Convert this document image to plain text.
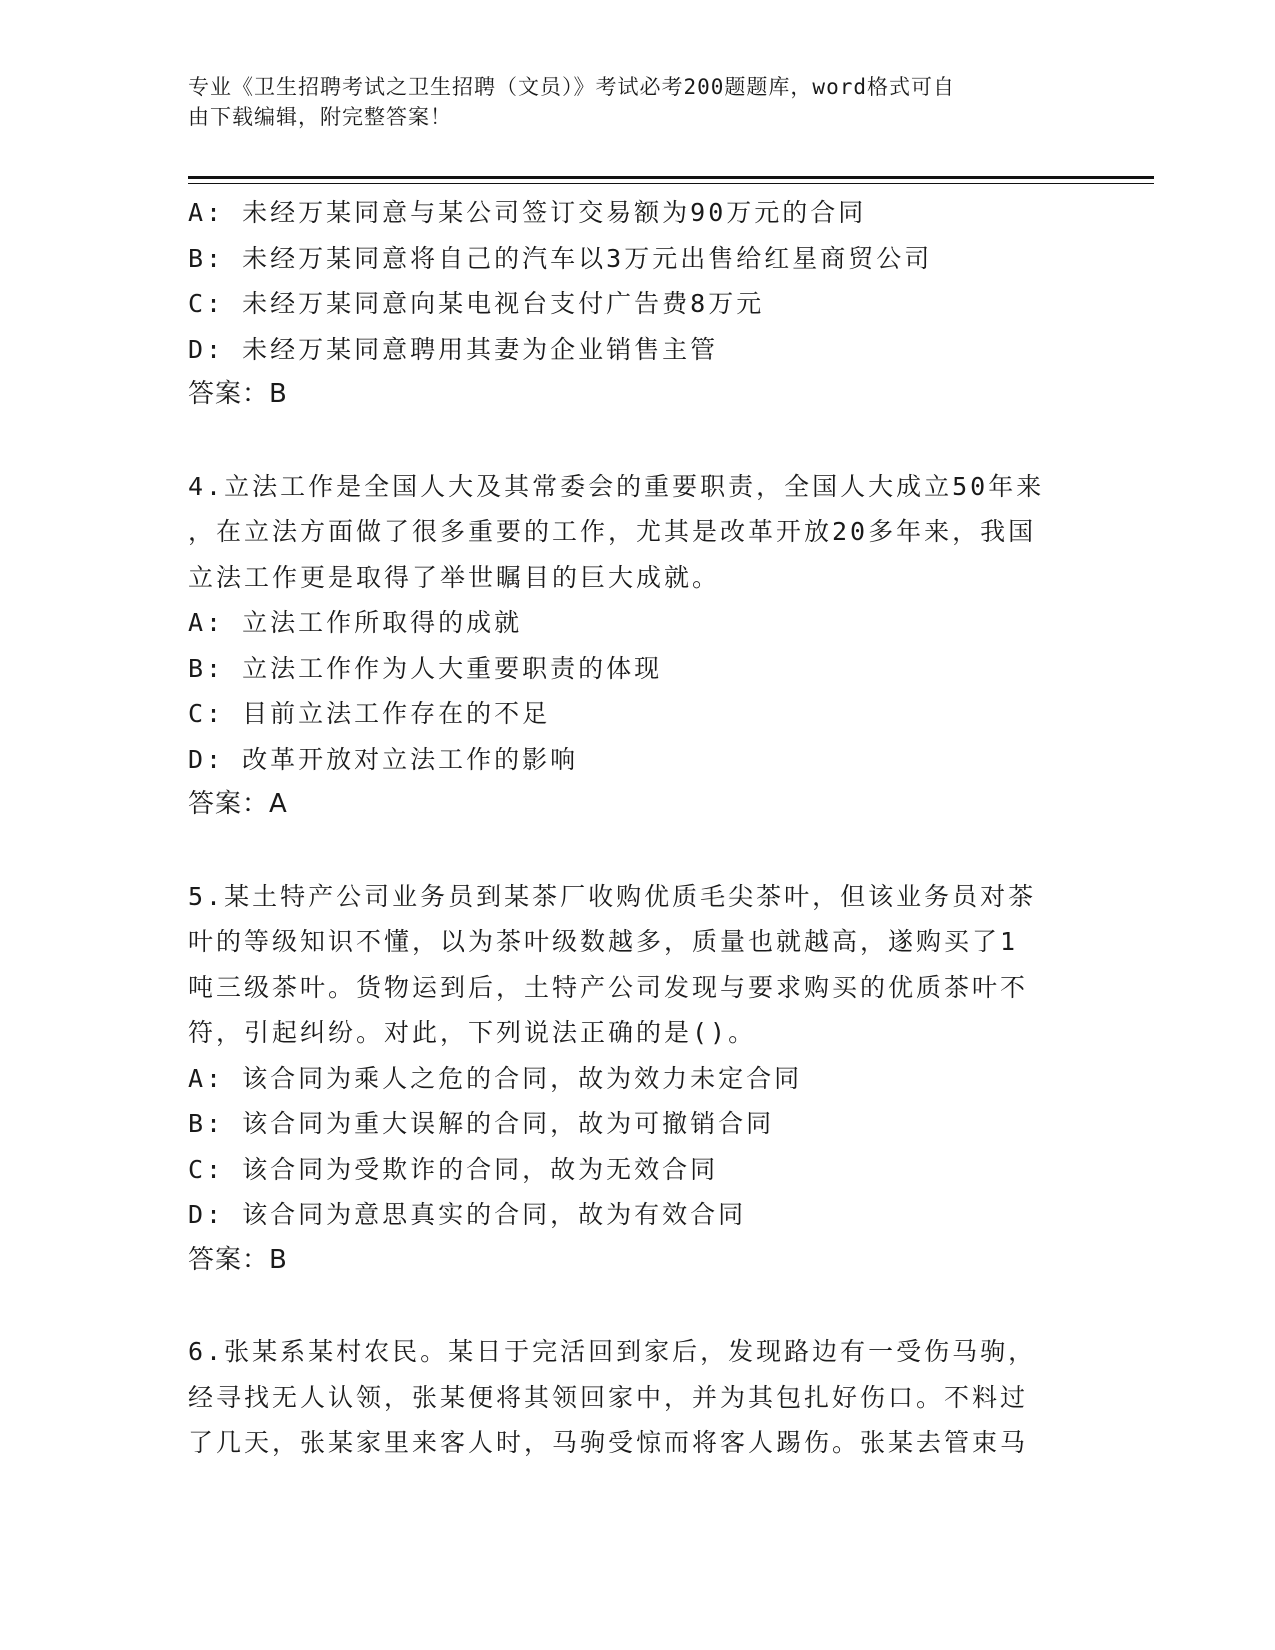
专业《卫生招聘考试之卫生招聘（文员）》考试必考200题题库，word格式可自
由下载编辑，附完整答案！
A: 未经万某同意与某公司签订交易额为90万元的合同
B: 未经万某同意将自己的汽车以3万元出售给红星商贸公司
C: 未经万某同意向某电视台支付广告费8万元
D: 未经万某同意聘用其妻为企业销售主管
答案：B
4.立法工作是全国人大及其常委会的重要职责，全国人大成立50年来
，在立法方面做了很多重要的工作，尤其是改革开放20多年来，我国
立法工作更是取得了举世瞩目的巨大成就。
A: 立法工作所取得的成就
B: 立法工作作为人大重要职责的体现
C: 目前立法工作存在的不足
D: 改革开放对立法工作的影响
答案：A
5.某土特产公司业务员到某茶厂收购优质毛尖茶叶，但该业务员对茶
叶的等级知识不懂，以为茶叶级数越多，质量也就越高，遂购买了1
吨三级茶叶。货物运到后，土特产公司发现与要求购买的优质茶叶不
符，引起纠纷。对此，下列说法正确的是()。
A: 该合同为乘人之危的合同，故为效力未定合同
B: 该合同为重大误解的合同，故为可撤销合同
C: 该合同为受欺诈的合同，故为无效合同
D: 该合同为意思真实的合同，故为有效合同
答案：B
6.张某系某村农民。某日于完活回到家后，发现路边有一受伤马驹，
经寻找无人认领，张某便将其领回家中，并为其包扎好伤口。不料过
了几天，张某家里来客人时，马驹受惊而将客人踢伤。张某去管束马
